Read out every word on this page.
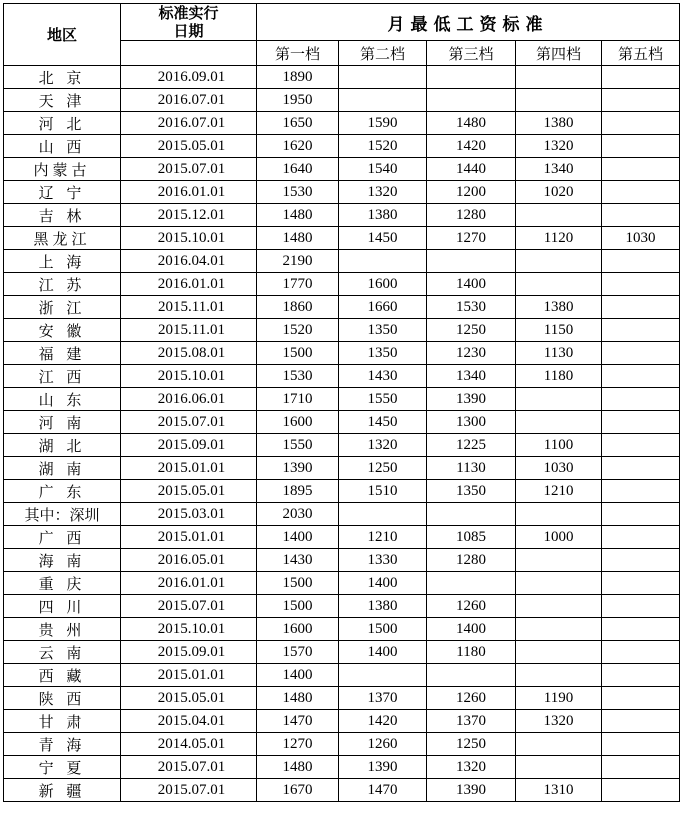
地区	标准实行
日期	月最低工资标准				
		第一档	第二档	第三档	第四档	第五档
北 京	2016.09.01	1890				
天 津	2016.07.01	1950				
河 北	2016.07.01	1650	1590	1480	1380	
山 西	2015.05.01	1620	1520	1420	1320	
内蒙古	2015.07.01	1640	1540	1440	1340	
辽 宁	2016.01.01	1530	1320	1200	1020	
吉 林	2015.12.01	1480	1380	1280		
黑龙江	2015.10.01	1480	1450	1270	1120	1030
上 海	2016.04.01	2190				
江 苏	2016.01.01	1770	1600	1400		
浙 江	2015.11.01	1860	1660	1530	1380	
安 徽	2015.11.01	1520	1350	1250	1150	
福 建	2015.08.01	1500	1350	1230	1130	
江 西	2015.10.01	1530	1430	1340	1180	
山 东	2016.06.01	1710	1550	1390		
河 南	2015.07.01	1600	1450	1300		
湖 北	2015.09.01	1550	1320	1225	1100	
湖 南	2015.01.01	1390	1250	1130	1030	
广 东	2015.05.01	1895	1510	1350	1210	
其中：深圳	2015.03.01	2030				
广 西	2015.01.01	1400	1210	1085	1000	
海 南	2016.05.01	1430	1330	1280		
重 庆	2016.01.01	1500	1400			
四 川	2015.07.01	1500	1380	1260		
贵 州	2015.10.01	1600	1500	1400		
云 南	2015.09.01	1570	1400	1180		
西 藏	2015.01.01	1400				
陕 西	2015.05.01	1480	1370	1260	1190	
甘 肃	2015.04.01	1470	1420	1370	1320	
青 海	2014.05.01	1270	1260	1250		
宁 夏	2015.07.01	1480	1390	1320		
新 疆	2015.07.01	1670	1470	1390	1310	
